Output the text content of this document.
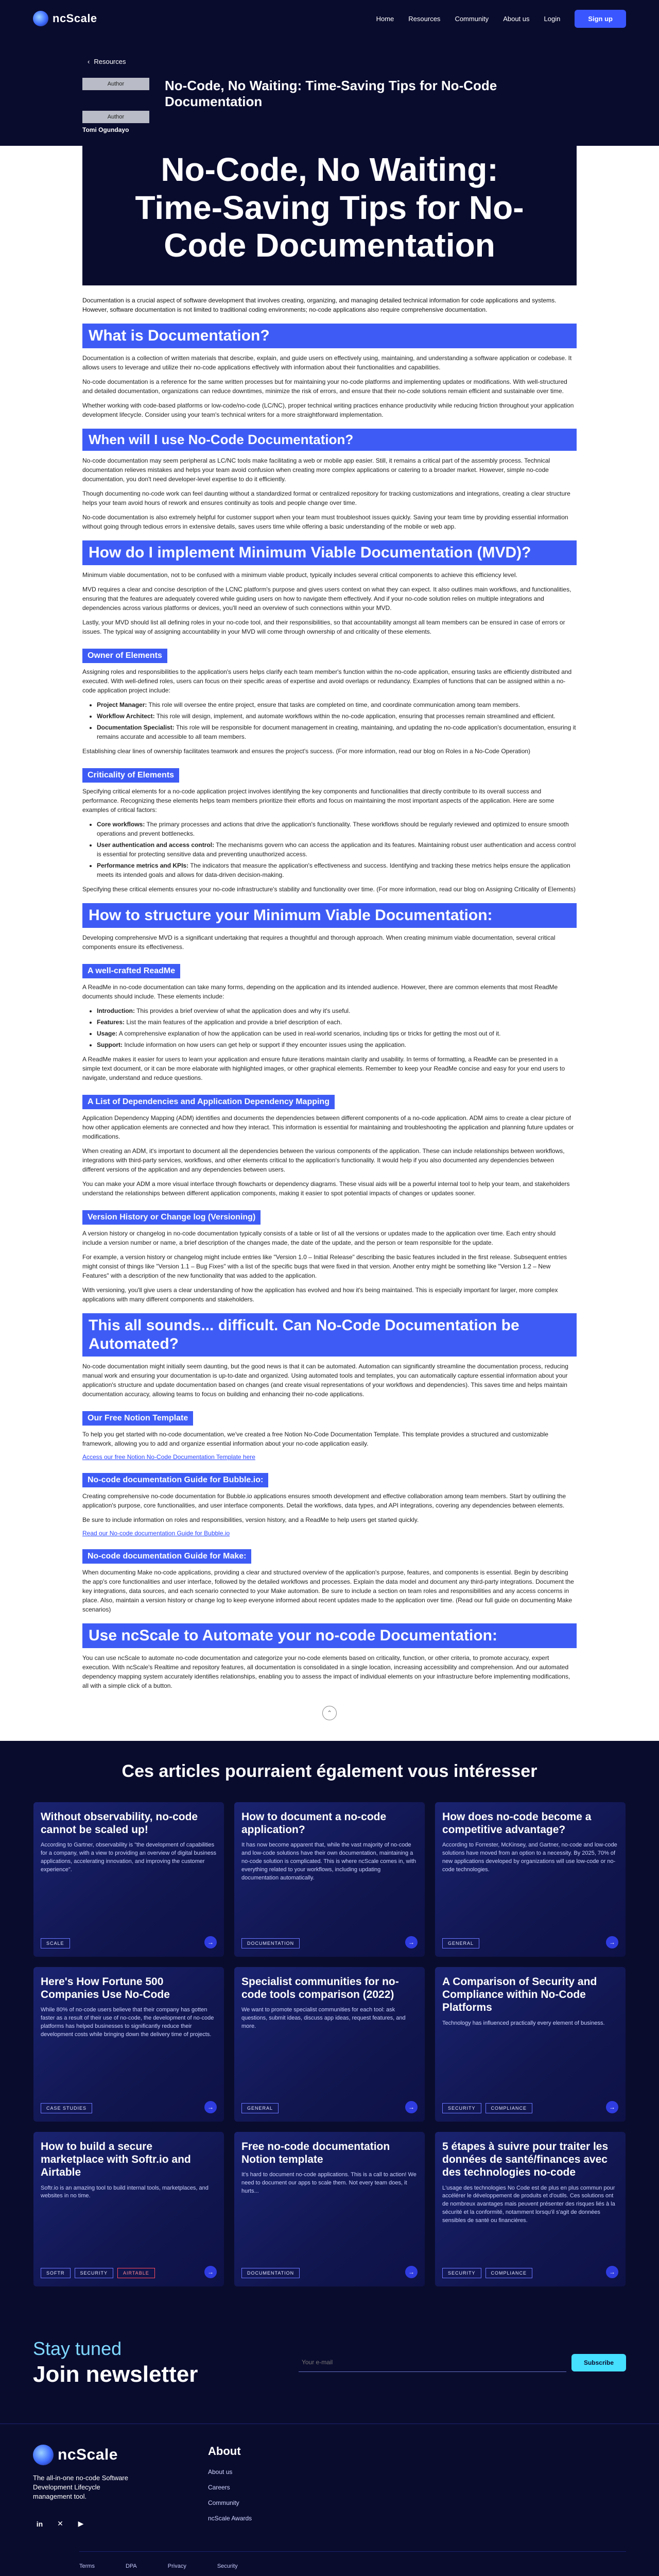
ncScale	Home Resources Community About us Login	Sign up
‹ Resources
Author
Author
Tomi Ogundayo
No-Code, No Waiting: Time-Saving Tips for No-Code Documentation
No-Code, No Waiting: Time-Saving Tips for No-Code Documentation

Documentation is a crucial aspect of software development that involves creating, organizing, and managing detailed technical information for code applications and systems. However, software documentation is not limited to traditional coding environments; no-code applications also require comprehensive documentation.

What is Documentation?

Documentation is a collection of written materials that describe, explain, and guide users on effectively using, maintaining, and understanding a software application or codebase. It allows users to leverage and utilize their no-code applications effectively with information about their functionalities and capabilities.

No-code documentation is a reference for the same written processes but for maintaining your no-code platforms and implementing updates or modifications. With well-structured and detailed documentation, organizations can reduce downtimes, minimize the risk of errors, and ensure that their no-code solutions remain efficient and sustainable over time.

Whether working with code-based platforms or low-code/no-code (LC/NC), proper technical writing practices enhance productivity while reducing friction throughout your application development lifecycle. Consider using your team's technical writers for a more straightforward implementation.

When will I use No-Code Documentation?

No-code documentation may seem peripheral as LC/NC tools make facilitating a web or mobile app easier. Still, it remains a critical part of the assembly process. Technical documentation relieves mistakes and helps your team avoid confusion when creating more complex applications or catering to a broader market. However, simple no-code documentation, you don't need developer-level expertise to do it efficiently.

Though documenting no-code work can feel daunting without a standardized format or centralized repository for tracking customizations and integrations, creating a clear structure helps your team avoid hours of rework and ensures continuity as tools and people change over time.

No-code documentation is also extremely helpful for customer support when your team must troubleshoot issues quickly. Saving your team time by providing essential information without going through tedious errors in extensive details, saves users time while offering a basic understanding of the mobile or web app.

How do I implement Minimum Viable Documentation (MVD)?

Minimum viable documentation, not to be confused with a minimum viable product, typically includes several critical components to achieve this efficiency level.

MVD requires a clear and concise description of the LCNC platform's purpose and gives users context on what they can expect. It also outlines main workflows, and functionalities, ensuring that the features are adequately covered while guiding users on how to navigate them effectively. And if your no-code solution relies on multiple integrations and dependencies across various platforms or devices, you'll need an overview of such connections within your MVD.

Lastly, your MVD should list all defining roles in your no-code tool, and their responsibilities, so that accountability amongst all team members can be ensured in case of errors or issues. The typical way of assigning accountability in your MVD will come through ownership of and criticality of these elements.

Owner of Elements

Assigning roles and responsibilities to the application's users helps clarify each team member's function within the no-code application, ensuring tasks are efficiently distributed and executed. With well-defined roles, users can focus on their specific areas of expertise and avoid overlaps or redundancy. Examples of functions that can be assigned within a no-code application project include:

• Project Manager: This role will oversee the entire project, ensure that tasks are completed on time, and coordinate communication among team members.
• Workflow Architect: This role will design, implement, and automate workflows within the no-code application, ensuring that processes remain streamlined and efficient.
• Documentation Specialist: This role will be responsible for document management in creating, maintaining, and updating the no-code application's documentation, ensuring it remains accurate and accessible to all team members.

Establishing clear lines of ownership facilitates teamwork and ensures the project's success. (For more information, read our blog on Roles in a No-Code Operation)

Criticality of Elements

Specifying critical elements for a no-code application project involves identifying the key components and functionalities that directly contribute to its overall success and performance. Recognizing these elements helps team members prioritize their efforts and focus on maintaining the most important aspects of the application. Here are some examples of critical factors:

• Core workflows: The primary processes and actions that drive the application's functionality. These workflows should be regularly reviewed and optimized to ensure smooth operations and prevent bottlenecks.
• User authentication and access control: The mechanisms govern who can access the application and its features. Maintaining robust user authentication and access control is essential for protecting sensitive data and preventing unauthorized access.
• Performance metrics and KPIs: The indicators that measure the application's effectiveness and success. Identifying and tracking these metrics helps ensure the application meets its intended goals and allows for data-driven decision-making.

Specifying these critical elements ensures your no-code infrastructure's stability and functionality over time. (For more information, read our blog on Assigning Criticality of Elements)

How to structure your Minimum Viable Documentation:

Developing comprehensive MVD is a significant undertaking that requires a thoughtful and thorough approach. When creating minimum viable documentation, several critical components ensure its effectiveness.

A well-crafted ReadMe

A ReadMe in no-code documentation can take many forms, depending on the application and its intended audience. However, there are common elements that most ReadMe documents should include. These elements include:

• Introduction: This provides a brief overview of what the application does and why it's useful.
• Features: List the main features of the application and provide a brief description of each.
• Usage: A comprehensive explanation of how the application can be used in real-world scenarios, including tips or tricks for getting the most out of it.
• Support: Include information on how users can get help or support if they encounter issues using the application.

A ReadMe makes it easier for users to learn your application and ensure future iterations maintain clarity and usability. In terms of formatting, a ReadMe can be presented in a simple text document, or it can be more elaborate with highlighted images, or other graphical elements. Remember to keep your ReadMe concise and easy for your end users to navigate, understand and reduce questions.

A List of Dependencies and Application Dependency Mapping

Application Dependency Mapping (ADM) identifies and documents the dependencies between different components of a no-code application. ADM aims to create a clear picture of how other application elements are connected and how they interact. This information is essential for maintaining and troubleshooting the application and planning future updates or modifications.

When creating an ADM, it's important to document all the dependencies between the various components of the application. These can include relationships between workflows, integrations with third-party services, workflows, and other elements critical to the application's functionality. It would help if you also documented any dependencies between different versions of the application and any dependencies between users.

You can make your ADM a more visual interface through flowcharts or dependency diagrams. These visual aids will be a powerful internal tool to help your team, and stakeholders understand the relationships between different application components, making it easier to spot potential impacts of changes or updates sooner.

Version History or Change log (Versioning)

A version history or changelog in no-code documentation typically consists of a table or list of all the versions or updates made to the application over time. Each entry should include a version number or name, a brief description of the changes made, the date of the update, and the person or team responsible for the update.

For example, a version history or changelog might include entries like "Version 1.0 – Initial Release" describing the basic features included in the first release. Subsequent entries might consist of things like "Version 1.1 – Bug Fixes" with a list of the specific bugs that were fixed in that version. Another entry might be something like "Version 1.2 – New Features" with a description of the new functionality that was added to the application.

With versioning, you'll give users a clear understanding of how the application has evolved and how it's being maintained. This is especially important for larger, more complex applications with many different components and stakeholders.

This all sounds... difficult. Can No-Code Documentation be Automated?

No-code documentation might initially seem daunting, but the good news is that it can be automated. Automation can significantly streamline the documentation process, reducing manual work and ensuring your documentation is up-to-date and organized. Using automated tools and templates, you can automatically capture essential information about your application's structure and update documentation based on changes (and create visual representations of your workflows and dependencies). This saves time and helps maintain documentation accuracy, allowing teams to focus on building and enhancing their no-code applications.

Our Free Notion Template

To help you get started with no-code documentation, we've created a free Notion No-Code Documentation Template. This template provides a structured and customizable framework, allowing you to add and organize essential information about your no-code application easily.

Access our free Notion No-Code Documentation Template here
No-code documentation Guide for Bubble.io:

Creating comprehensive no-code documentation for Bubble.io applications ensures smooth development and effective collaboration among team members. Start by outlining the application's purpose, core functionalities, and user interface components. Detail the workflows, data types, and API integrations, covering any dependencies between elements.

Be sure to include information on roles and responsibilities, version history, and a ReadMe to help users get started quickly.

Read our No-code documentation Guide for Bubble.io
No-code documentation Guide for Make:

When documenting Make no-code applications, providing a clear and structured overview of the application's purpose, features, and components is essential. Begin by describing the app's core functionalities and user interface, followed by the detailed workflows and processes. Explain the data model and document any third-party integrations. Document the key integrations, data sources, and each scenario connected to your Make automation. Be sure to include a section on team roles and responsibilities and any access concerns in place. Also, maintain a version history or change log to keep everyone informed about recent updates made to the application over time. (Read our full guide on documenting Make scenarios)

Use ncScale to Automate your no-code Documentation:

You can use ncScale to automate no-code documentation and categorize your no-code elements based on criticality, function, or other criteria, to promote accuracy, expert execution. With ncScale's Realtime and repository features, all documentation is consolidated in a single location, increasing accessibility and comprehension. And our automated dependency mapping system accurately identifies relationships, enabling you to assess the impact of individual elements on your infrastructure before implementing modifications, all with a simple click of a button.

⌃
Ces articles pourraient également vous intéresser
Without observability, no-code cannot be scaled up!
According to Gartner, observability is "the development of capabilities for a company, with a view to providing an overview of digital business applications, accelerating innovation, and improving the customer experience".
SCALE	→
How to document a no-code application?
It has now become apparent that, while the vast majority of no-code and low-code solutions have their own documentation, maintaining a no-code solution is complicated. This is where ncScale comes in, with everything related to your workflows, including updating documentation automatically.
DOCUMENTATION	→
How does no-code become a competitive advantage?
According to Forrester, McKinsey, and Gartner, no-code and low-code solutions have moved from an option to a necessity. By 2025, 70% of new applications developed by organizations will use low-code or no-code technologies.
GENERAL	→
Here's How Fortune 500 Companies Use No-Code
While 80% of no-code users believe that their company has gotten faster as a result of their use of no-code, the development of no-code platforms has helped businesses to significantly reduce their development costs while bringing down the delivery time of projects.
CASE STUDIES	→
Specialist communities for no-code tools comparison (2022)
We want to promote specialist communities for each tool: ask questions, submit ideas, discuss app ideas, request features, and more.
GENERAL	→
A Comparison of Security and Compliance within No-Code Platforms
Technology has influenced practically every element of business.
SECURITY	COMPLIANCE	→
How to build a secure marketplace with Softr.io and Airtable
Softr.io is an amazing tool to build internal tools, marketplaces, and websites in no time.
SOFTR	SECURITY	AIRTABLE	→
Free no-code documentation Notion template
It's hard to document no-code applications. This is a call to action! We need to document our apps to scale them. Not every team does, it hurts...
DOCUMENTATION	→
5 étapes à suivre pour traiter les données de santé/finances avec des technologies no-code
L'usage des technologies No Code est de plus en plus commun pour accélérer le développement de produits et d'outils. Ces solutions ont de nombreux avantages mais peuvent présenter des risques liés à la sécurité et la conformité, notamment lorsqu'il s'agit de données sensibles de santé ou financières.
SECURITY	COMPLIANCE	→
Stay tuned
Join newsletter
Your e-mail	Subscribe
ncScale

The all-in-one no-code Software Development Lifecycle management tool.

in	✕	▶
About
About us
Careers
Community
ncScale Awards
Terms	DPA	Privacy	Security
